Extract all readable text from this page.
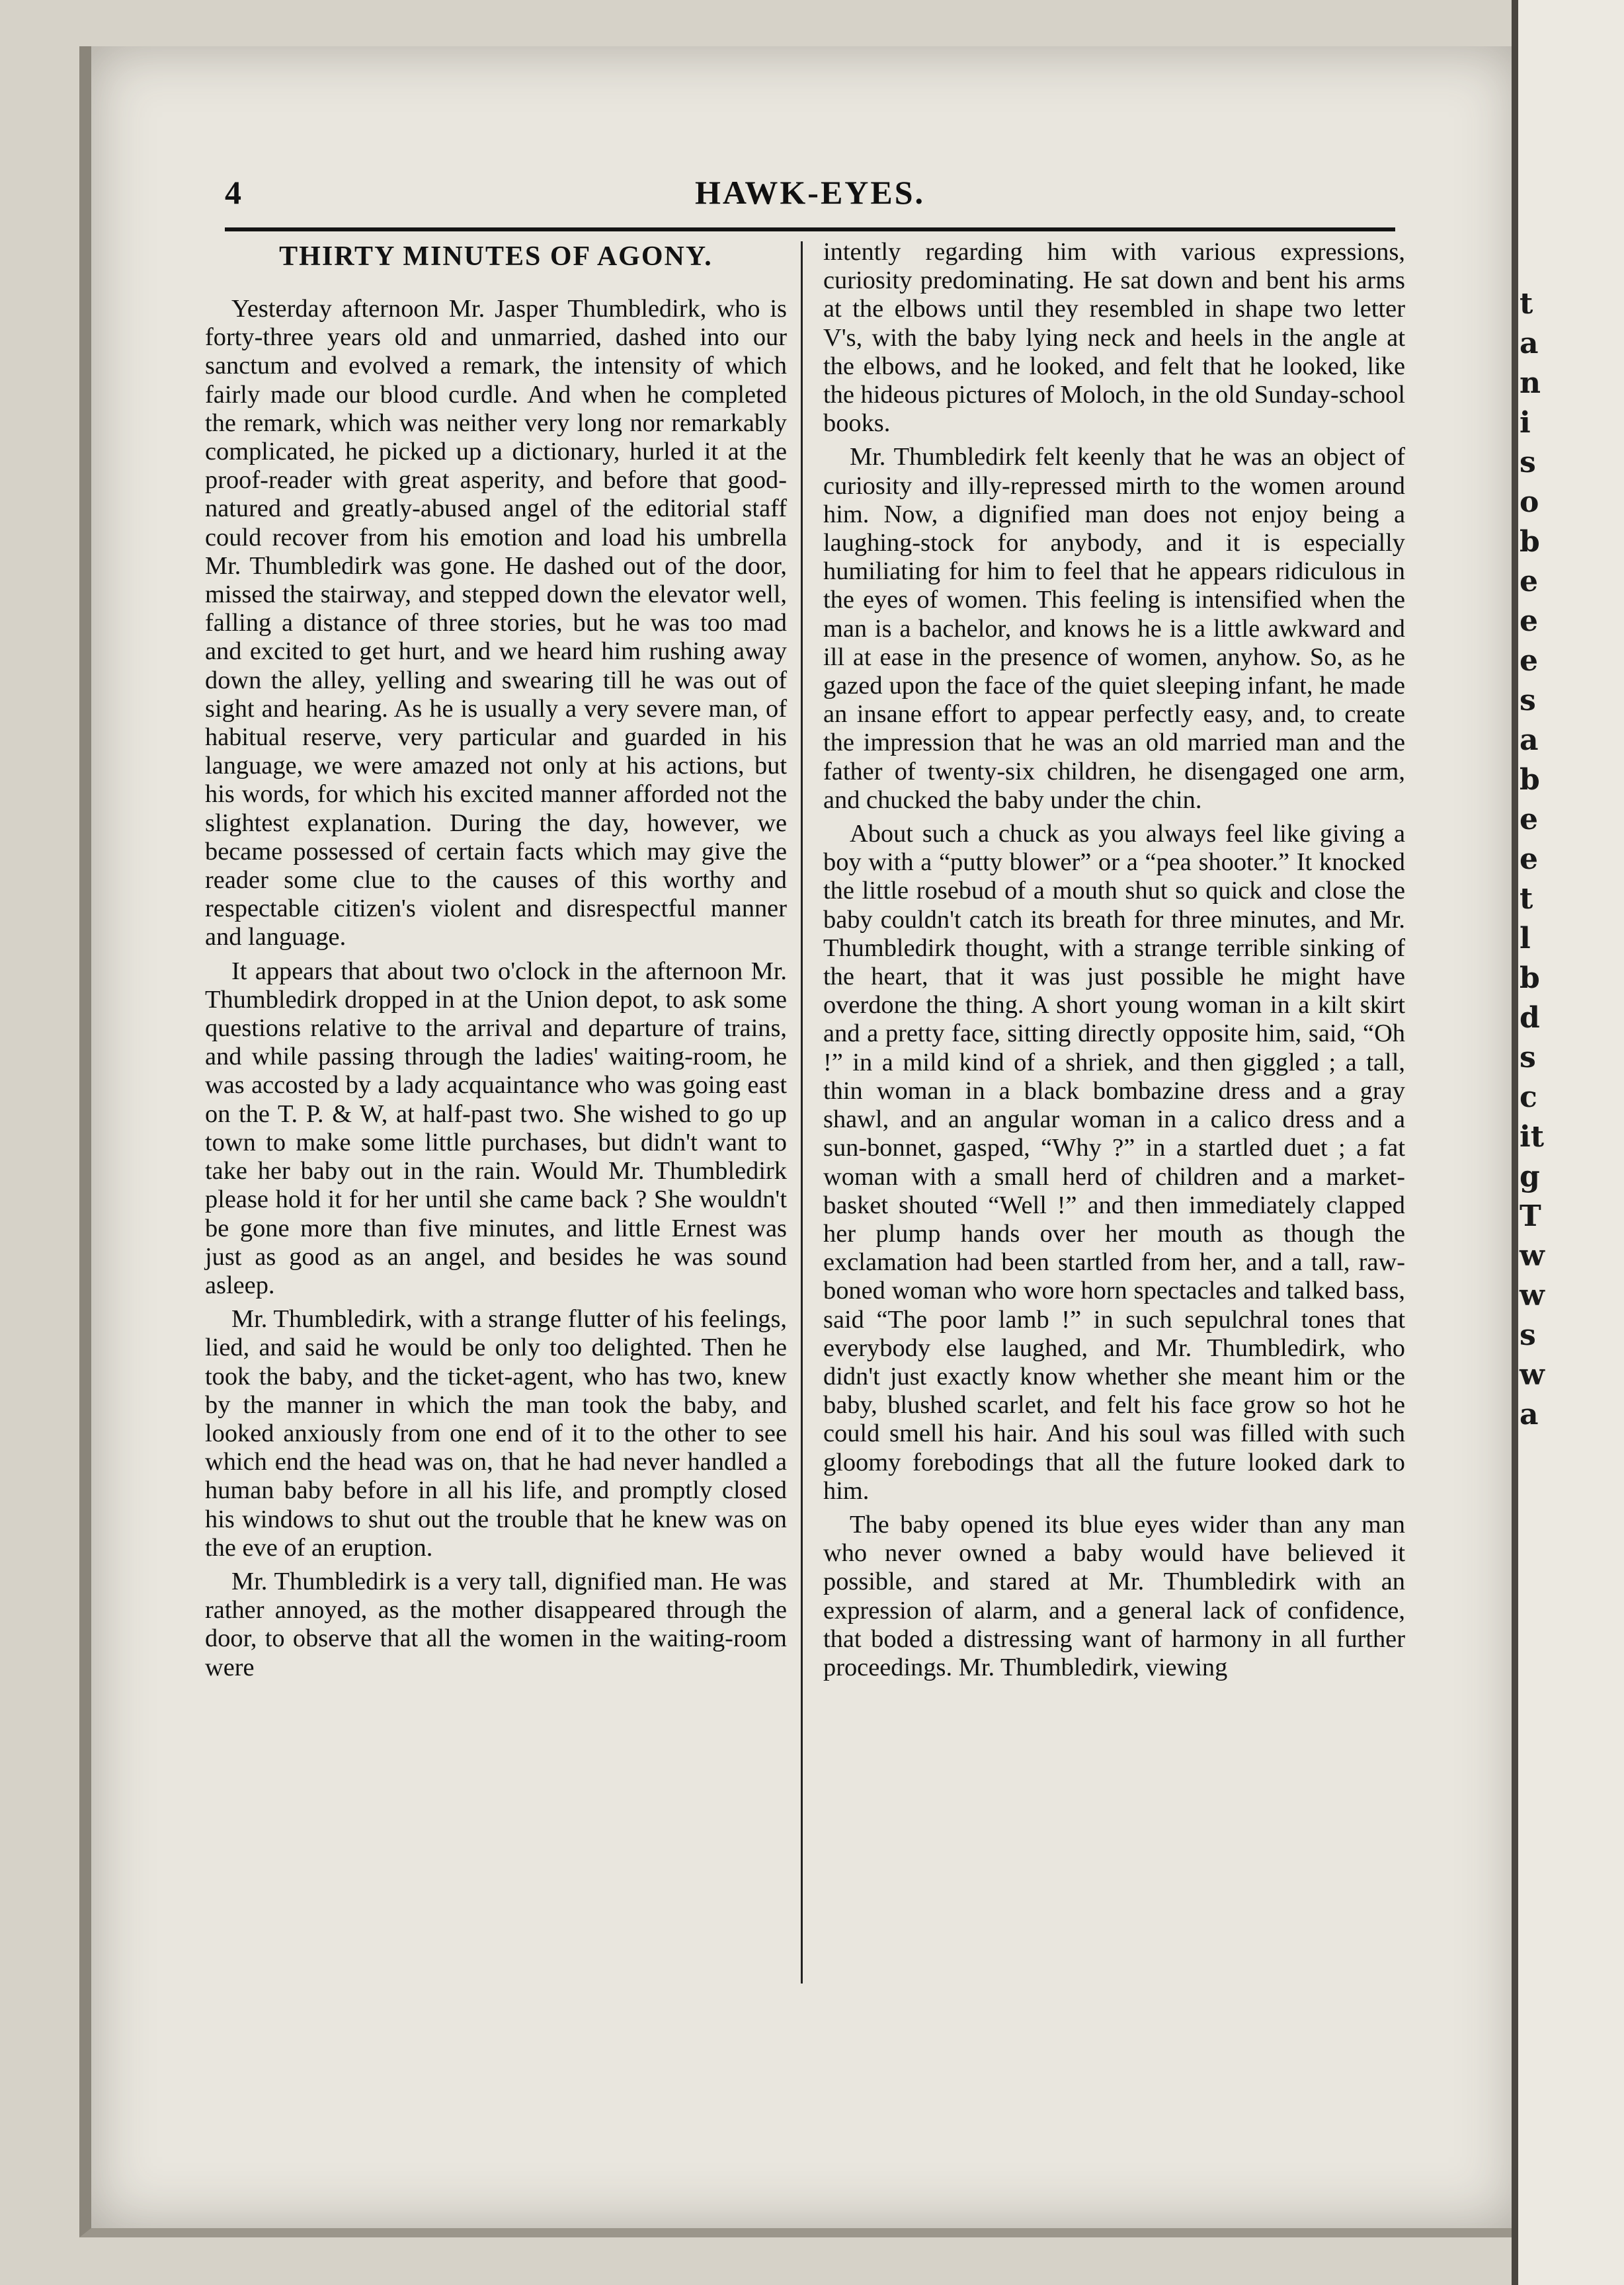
4	HAWK-EYES.
THIRTY MINUTES OF AGONY.

Yesterday afternoon Mr. Jasper Thumbledirk, who is forty-three years old and unmarried, dashed into our sanctum and evolved a remark, the intensity of which fairly made our blood curdle. And when he completed the remark, which was neither very long nor remarkably complicated, he picked up a dictionary, hurled it at the proof-reader with great asperity, and before that good-natured and greatly-abused angel of the editorial staff could recover from his emotion and load his umbrella Mr. Thumbledirk was gone. He dashed out of the door, missed the stairway, and stepped down the elevator well, falling a distance of three stories, but he was too mad and excited to get hurt, and we heard him rushing away down the alley, yelling and swearing till he was out of sight and hearing. As he is usually a very severe man, of habitual reserve, very particular and guarded in his language, we were amazed not only at his actions, but his words, for which his excited manner afforded not the slightest explanation. During the day, however, we became possessed of certain facts which may give the reader some clue to the causes of this worthy and respectable citizen's violent and disrespectful manner and language.

It appears that about two o'clock in the afternoon Mr. Thumbledirk dropped in at the Union depot, to ask some questions relative to the arrival and departure of trains, and while passing through the ladies' waiting-room, he was accosted by a lady acquaintance who was going east on the T. P. & W, at half-past two. She wished to go up town to make some little purchases, but didn't want to take her baby out in the rain. Would Mr. Thumbledirk please hold it for her until she came back ? She wouldn't be gone more than five minutes, and little Ernest was just as good as an angel, and besides he was sound asleep.

Mr. Thumbledirk, with a strange flutter of his feelings, lied, and said he would be only too delighted. Then he took the baby, and the ticket-agent, who has two, knew by the manner in which the man took the baby, and looked anxiously from one end of it to the other to see which end the head was on, that he had never handled a human baby before in all his life, and promptly closed his windows to shut out the trouble that he knew was on the eve of an eruption.

Mr. Thumbledirk is a very tall, dignified man. He was rather annoyed, as the mother disappeared through the door, to observe that all the women in the waiting-room were

intently regarding him with various expressions, curiosity predominating. He sat down and bent his arms at the elbows until they resembled in shape two letter V's, with the baby lying neck and heels in the angle at the elbows, and he looked, and felt that he looked, like the hideous pictures of Moloch, in the old Sunday-school books.

Mr. Thumbledirk felt keenly that he was an object of curiosity and illy-repressed mirth to the women around him. Now, a dignified man does not enjoy being a laughing-stock for anybody, and it is especially humiliating for him to feel that he appears ridiculous in the eyes of women. This feeling is intensified when the man is a bachelor, and knows he is a little awkward and ill at ease in the presence of women, anyhow. So, as he gazed upon the face of the quiet sleeping infant, he made an insane effort to appear perfectly easy, and, to create the impression that he was an old married man and the father of twenty-six children, he disengaged one arm, and chucked the baby under the chin.

About such a chuck as you always feel like giving a boy with a “putty blower” or a “pea shooter.” It knocked the little rosebud of a mouth shut so quick and close the baby couldn't catch its breath for three minutes, and Mr. Thumbledirk thought, with a strange terrible sinking of the heart, that it was just possible he might have overdone the thing. A short young woman in a kilt skirt and a pretty face, sitting directly opposite him, said, “Oh !” in a mild kind of a shriek, and then giggled ; a tall, thin woman in a black bombazine dress and a gray shawl, and an angular woman in a calico dress and a sun-bonnet, gasped, “Why ?” in a startled duet ; a fat woman with a small herd of children and a market-basket shouted “Well !” and then immediately clapped her plump hands over her mouth as though the exclamation had been startled from her, and a tall, raw-boned woman who wore horn spectacles and talked bass, said “The poor lamb !” in such sepulchral tones that everybody else laughed, and Mr. Thumbledirk, who didn't just exactly know whether she meant him or the baby, blushed scarlet, and felt his face grow so hot he could smell his hair. And his soul was filled with such gloomy forebodings that all the future looked dark to him.

The baby opened its blue eyes wider than any man who never owned a baby would have believed it possible, and stared at Mr. Thumbledirk with an expression of alarm, and a general lack of confidence, that boded a distressing want of harmony in all further proceedings. Mr. Thumbledirk, viewing

t
a
n
i
s
o
b
e
e
e
s
a
b
e
e
t
l
b
d
s
c
it
g
T
w
w
s
w
a
